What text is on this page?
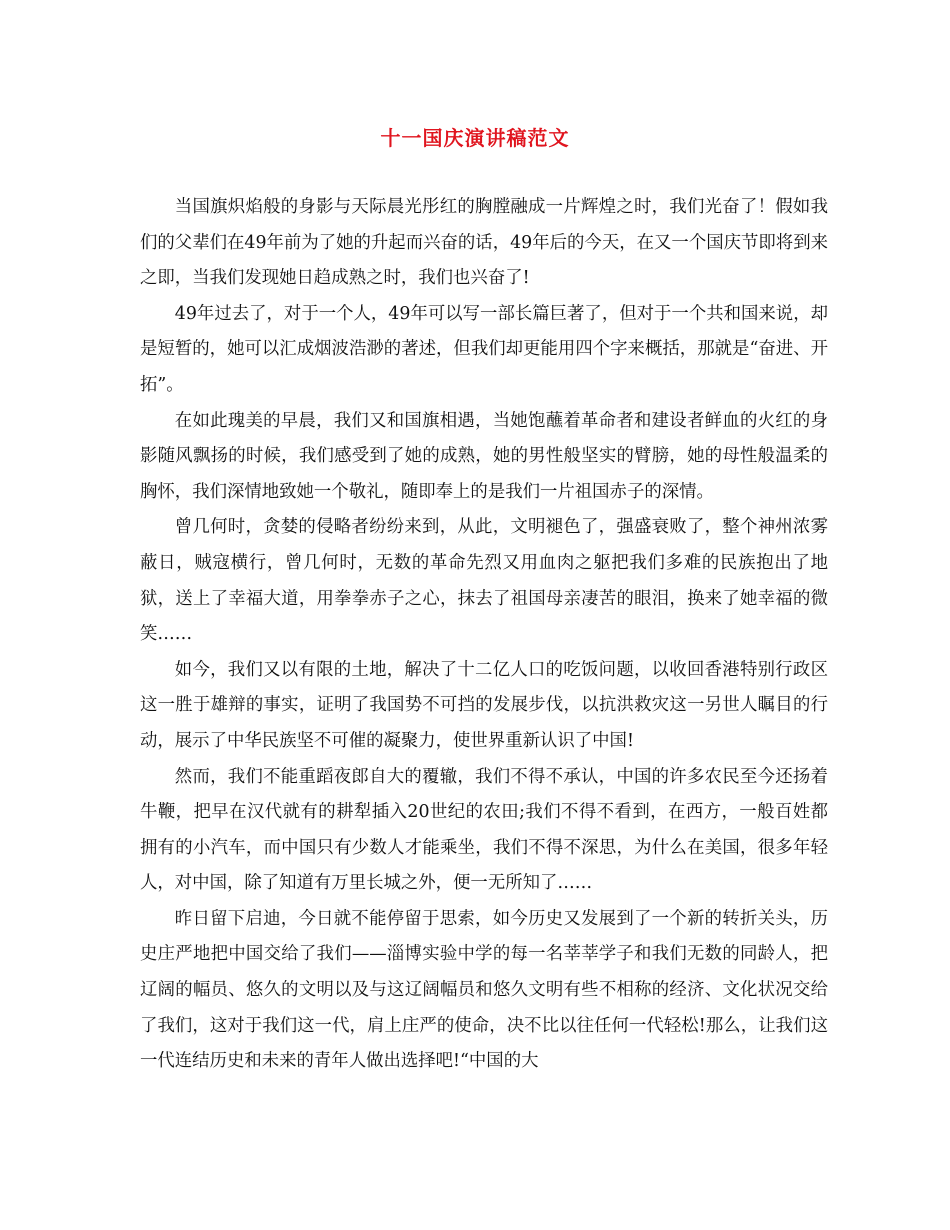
十一国庆演讲稿范文

当国旗炽焰般的身影与天际晨光彤红的胸膛融成一片辉煌之时，我们光奋了！假如我们的父辈们在49年前为了她的升起而兴奋的话，49年后的今天，在又一个国庆节即将到来之即，当我们发现她日趋成熟之时，我们也兴奋了!

49年过去了，对于一个人，49年可以写一部长篇巨著了，但对于一个共和国来说，却是短暂的，她可以汇成烟波浩渺的著述，但我们却更能用四个字来概括，那就是“奋进、开拓”。

在如此瑰美的早晨，我们又和国旗相遇，当她饱蘸着革命者和建设者鲜血的火红的身影随风飘扬的时候，我们感受到了她的成熟，她的男性般坚实的臂膀，她的母性般温柔的胸怀，我们深情地致她一个敬礼，随即奉上的是我们一片祖国赤子的深情。

曾几何时，贪婪的侵略者纷纷来到，从此，文明褪色了，强盛衰败了，整个神州浓雾蔽日，贼寇横行，曾几何时，无数的革命先烈又用血肉之躯把我们多难的民族抱出了地狱，送上了幸福大道，用拳拳赤子之心，抹去了祖国母亲凄苦的眼泪，换来了她幸福的微笑……

如今，我们又以有限的土地，解决了十二亿人口的吃饭问题，以收回香港特别行政区这一胜于雄辩的事实，证明了我国势不可挡的发展步伐，以抗洪救灾这一另世人瞩目的行动，展示了中华民族坚不可催的凝聚力，使世界重新认识了中国!

然而，我们不能重蹈夜郎自大的覆辙，我们不得不承认，中国的许多农民至今还扬着牛鞭，把早在汉代就有的耕犁插入20世纪的农田;我们不得不看到，在西方，一般百姓都拥有的小汽车，而中国只有少数人才能乘坐，我们不得不深思，为什么在美国，很多年轻人，对中国，除了知道有万里长城之外，便一无所知了……

昨日留下启迪，今日就不能停留于思索，如今历史又发展到了一个新的转折关头，历史庄严地把中国交给了我们——淄博实验中学的每一名莘莘学子和我们无数的同龄人，把辽阔的幅员、悠久的文明以及与这辽阔幅员和悠久文明有些不相称的经济、文化状况交给了我们，这对于我们这一代，肩上庄严的使命，决不比以往任何一代轻松!那么，让我们这一代连结历史和未来的青年人做出选择吧!“中国的大
